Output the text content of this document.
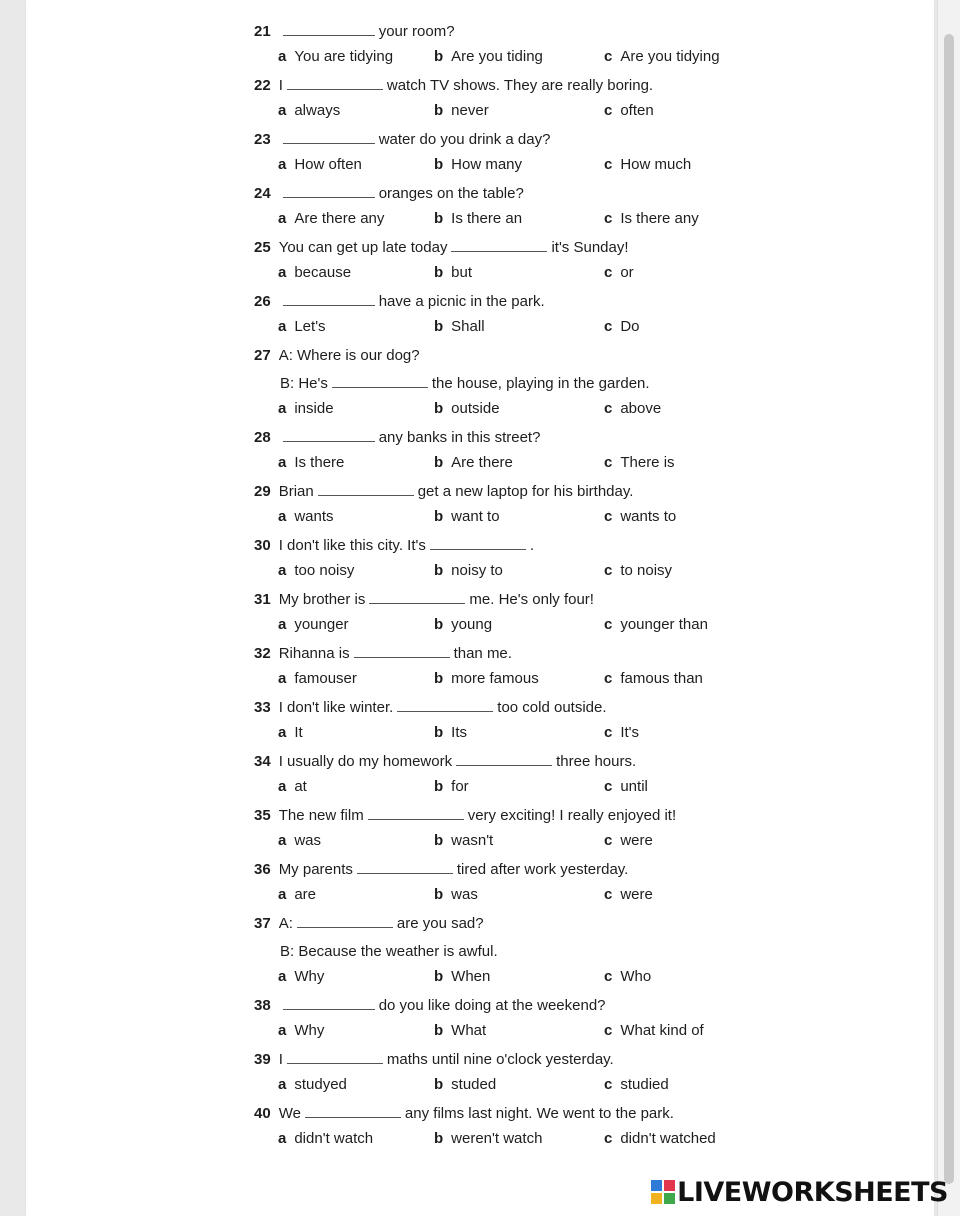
21	your room?
a You are tidying	b Are you tiding	c Are you tidying
22 I	watch TV shows. They are really boring.
a always	b never	c often
23	water do you drink a day?
a How often	b How many	c How much
24	oranges on the table?
a Are there any	b Is there an	c Is there any
25 You can get up late today	it's Sunday!
a because	b but	c or
26	have a picnic in the park.
a Let's	b Shall	c Do
27 A: Where is our dog?
B: He's	the house, playing in the garden.
a inside	b outside	c above
28	any banks in this street?
a Is there	b Are there	c There is
29 Brian	get a new laptop for his birthday.
a wants	b want to	c wants to
30 I don't like this city. It's	.
a too noisy	b noisy to	c to noisy
31 My brother is	me. He's only four!
a younger	b young	c younger than
32 Rihanna is	than me.
a famouser	b more famous	c famous than
33 I don't like winter.	too cold outside.
a It	b Its	c It's
34 I usually do my homework	three hours.
a at	b for	c until
35 The new film	very exciting! I really enjoyed it!
a was	b wasn't	c were
36 My parents	tired after work yesterday.
a are	b was	c were
37 A:	are you sad?
B: Because the weather is awful.
a Why	b When	c Who
38	do you like doing at the weekend?
a Why	b What	c What kind of
39 I	maths until nine o'clock yesterday.
a studyed	b studed	c studied
40 We	any films last night. We went to the park.
a didn't watch	b weren't watch	c didn't watched
LIVEWORKSHEETS
